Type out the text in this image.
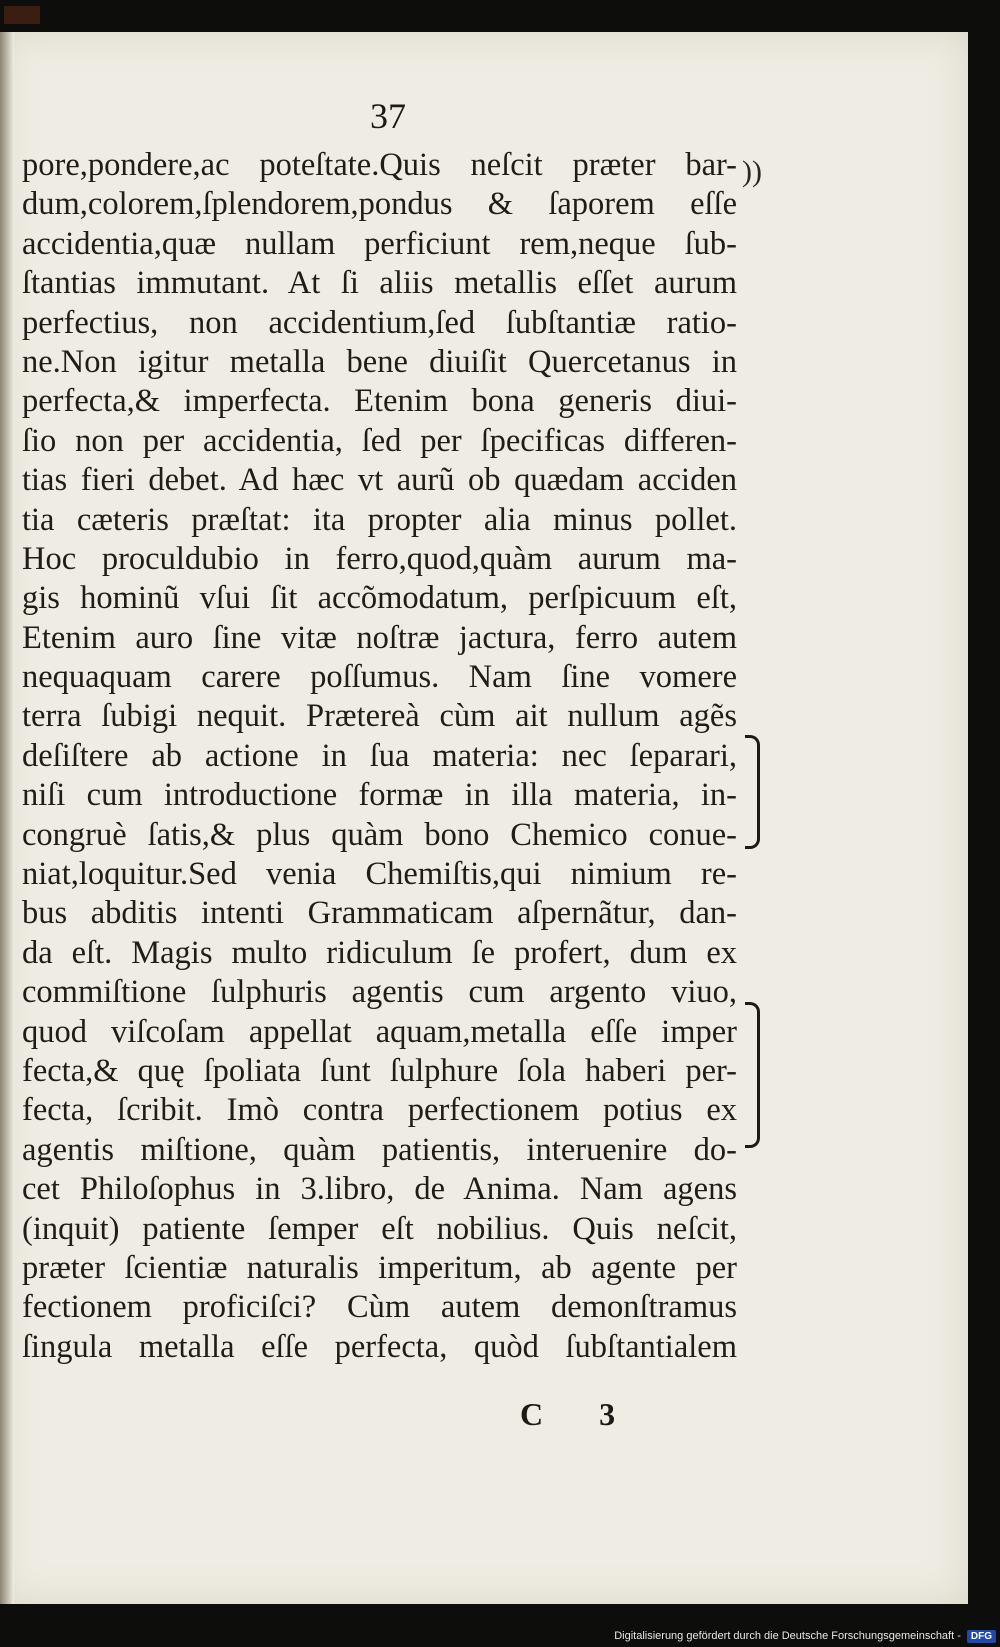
37
))
pore,pondere,ac poteſtate.Quis neſcit præter bar-
dum,colorem,ſplendorem,pondus & ſaporem eſſe
accidentia,quæ nullam perficiunt rem,neque ſub-
ſtantias immutant. At ſi aliis metallis eſſet aurum
perfectius, non accidentium,ſed ſubſtantiæ ratio-
ne.Non igitur metalla bene diuiſit Quercetanus in
perfecta,& imperfecta. Etenim bona generis diui-
ſio non per accidentia, ſed per ſpecificas differen-
tias fieri debet. Ad hæc vt aurũ ob quædam acciden
tia cæteris præſtat: ita propter alia minus pollet.
Hoc proculdubio in ferro,quod,quàm aurum ma-
gis hominũ vſui ſit accõmodatum, perſpicuum eſt,
Etenim auro ſine vitæ noſtræ jactura, ferro autem
nequaquam carere poſſumus. Nam ſine vomere
terra ſubigi nequit. Prætereà cùm ait nullum agẽs
deſiſtere ab actione in ſua materia: nec ſeparari,
niſi cum introductione formæ in illa materia, in-
congruè ſatis,& plus quàm bono Chemico conue-
niat,loquitur.Sed venia Chemiſtis,qui nimium re-
bus abditis intenti Grammaticam aſpernãtur, dan-
da eſt. Magis multo ridiculum ſe profert, dum ex
commiſtione ſulphuris agentis cum argento viuo,
quod viſcoſam appellat aquam,metalla eſſe imper
fecta,& quę ſpoliata ſunt ſulphure ſola haberi per-
fecta, ſcribit. Imò contra perfectionem potius ex
agentis miſtione, quàm patientis, interuenire do-
cet Philoſophus in 3.libro, de Anima. Nam agens
(inquit) patiente ſemper eſt nobilius. Quis neſcit,
præter ſcientiæ naturalis imperitum, ab agente per
fectionem proficiſci? Cùm autem demonſtramus
ſingula metalla eſſe perfecta, quòd ſubſtantialem
C 3
Digitalisierung gefördert durch die Deutsche Forschungsgemeinschaft -	DFG
